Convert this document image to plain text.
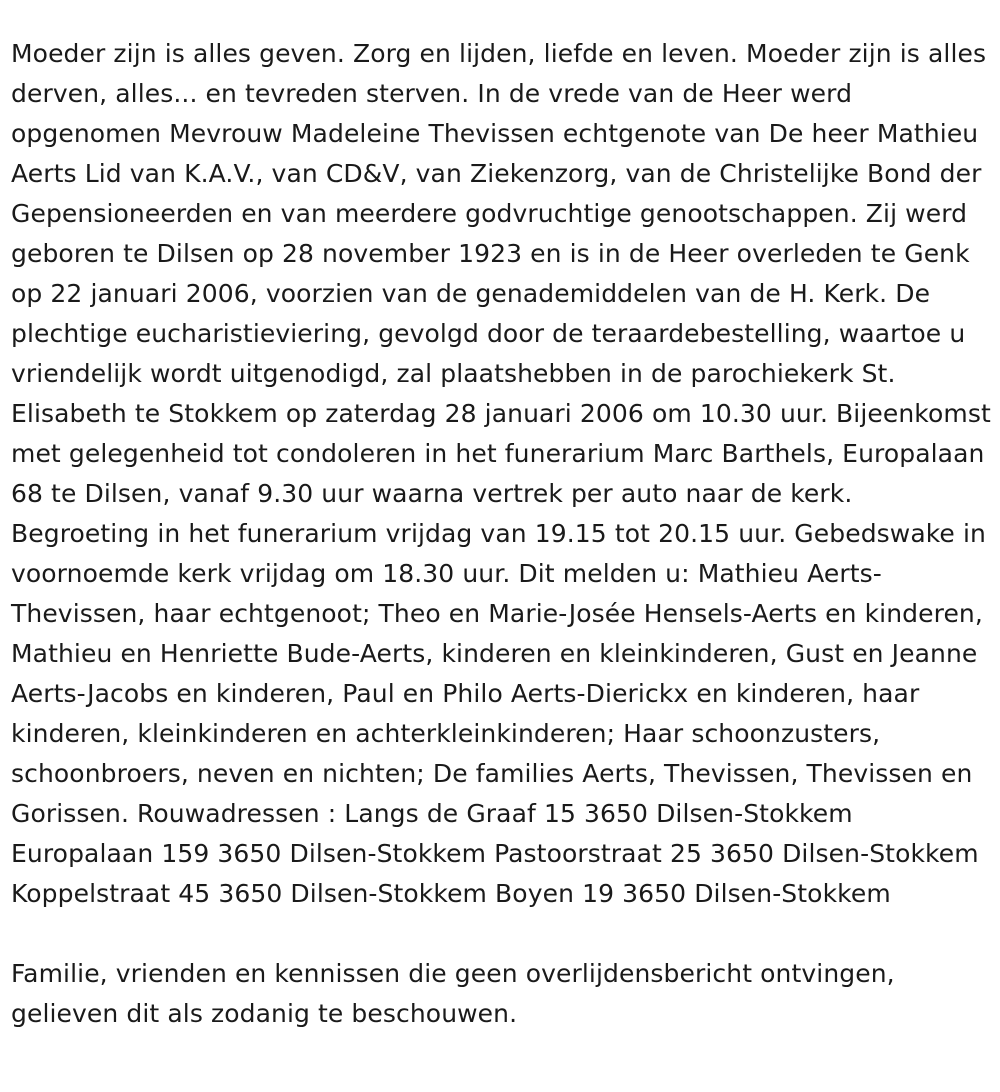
Moeder zijn is alles geven. Zorg en lijden, liefde en leven. Moeder zijn is alles derven, alles... en tevreden sterven. In de vrede van de Heer werd opgenomen Mevrouw Madeleine Thevissen echtgenote van De heer Mathieu Aerts Lid van K.A.V., van CD&V, van Ziekenzorg, van de Christelijke Bond der Gepensioneerden en van meerdere godvruchtige genootschappen. Zij werd geboren te Dilsen op 28 november 1923 en is in de Heer overleden te Genk op 22 januari 2006, voorzien van de genademiddelen van de H. Kerk. De plechtige eucharistieviering, gevolgd door de teraardebestelling, waartoe u vriendelijk wordt uitgenodigd, zal plaatshebben in de parochiekerk St. Elisabeth te Stokkem op zaterdag 28 januari 2006 om 10.30 uur. Bijeenkomst met gelegenheid tot condoleren in het funerarium Marc Barthels, Europalaan 68 te Dilsen, vanaf 9.30 uur waarna vertrek per auto naar de kerk. Begroeting in het funerarium vrijdag van 19.15 tot 20.15 uur. Gebedswake in voornoemde kerk vrijdag om 18.30 uur. Dit melden u: Mathieu Aerts-Thevissen, haar echtgenoot; Theo en Marie-Josée Hensels-Aerts en kinderen, Mathieu en Henriette Bude-Aerts, kinderen en kleinkinderen, Gust en Jeanne Aerts-Jacobs en kinderen, Paul en Philo Aerts-Dierickx en kinderen, haar kinderen, kleinkinderen en achterkleinkinderen; Haar schoonzusters, schoonbroers, neven en nichten; De families Aerts, Thevissen, Thevissen en Gorissen. Rouwadressen : Langs de Graaf 15 3650 Dilsen-Stokkem Europalaan 159 3650 Dilsen-Stokkem Pastoorstraat 25 3650 Dilsen-Stokkem Koppelstraat 45 3650 Dilsen-Stokkem Boyen 19 3650 Dilsen-Stokkem

Familie, vrienden en kennissen die geen overlijdensbericht ontvingen, gelieven dit als zodanig te beschouwen.
